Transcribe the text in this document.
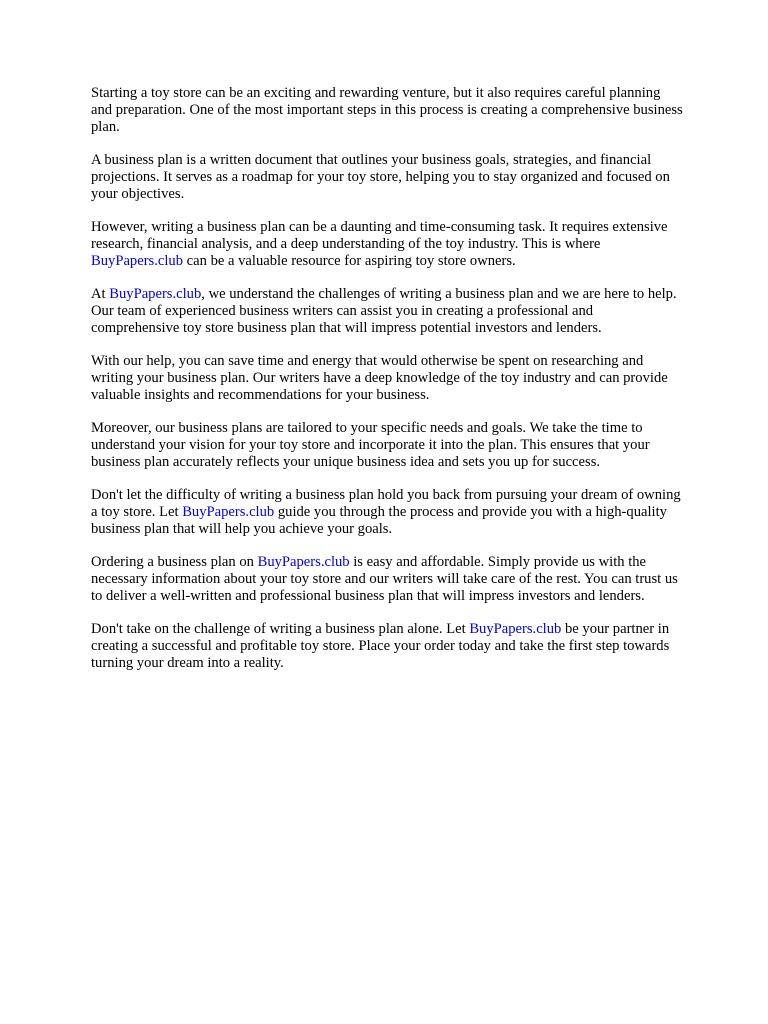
Starting a toy store can be an exciting and rewarding venture, but it also requires careful planning and preparation. One of the most important steps in this process is creating a comprehensive business plan.

A business plan is a written document that outlines your business goals, strategies, and financial projections. It serves as a roadmap for your toy store, helping you to stay organized and focused on your objectives.

However, writing a business plan can be a daunting and time-consuming task. It requires extensive research, financial analysis, and a deep understanding of the toy industry. This is where BuyPapers.club can be a valuable resource for aspiring toy store owners.

At BuyPapers.club, we understand the challenges of writing a business plan and we are here to help. Our team of experienced business writers can assist you in creating a professional and comprehensive toy store business plan that will impress potential investors and lenders.

With our help, you can save time and energy that would otherwise be spent on researching and writing your business plan. Our writers have a deep knowledge of the toy industry and can provide valuable insights and recommendations for your business.

Moreover, our business plans are tailored to your specific needs and goals. We take the time to understand your vision for your toy store and incorporate it into the plan. This ensures that your business plan accurately reflects your unique business idea and sets you up for success.

Don't let the difficulty of writing a business plan hold you back from pursuing your dream of owning a toy store. Let BuyPapers.club guide you through the process and provide you with a high-quality business plan that will help you achieve your goals.

Ordering a business plan on BuyPapers.club is easy and affordable. Simply provide us with the necessary information about your toy store and our writers will take care of the rest. You can trust us to deliver a well-written and professional business plan that will impress investors and lenders.

Don't take on the challenge of writing a business plan alone. Let BuyPapers.club be your partner in creating a successful and profitable toy store. Place your order today and take the first step towards turning your dream into a reality.
